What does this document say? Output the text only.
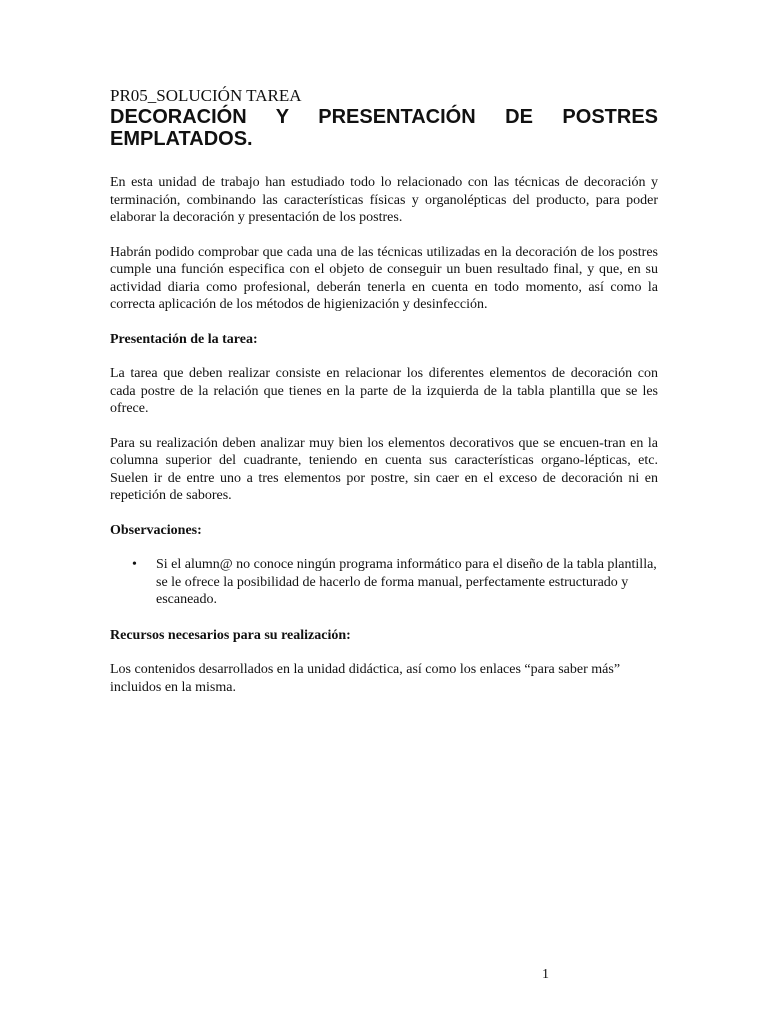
PR05_SOLUCIÓN TAREA

DECORACIÓN Y PRESENTACIÓN DE POSTRES EMPLATADOS.

En esta unidad de trabajo han estudiado todo lo relacionado con las técnicas de decoración y terminación, combinando las características físicas y organolépticas del producto, para poder elaborar la decoración y presentación de los postres.

Habrán podido comprobar que cada una de las técnicas utilizadas en la decoración de los postres cumple una función especifica con el objeto de conseguir un buen resultado final, y que, en su actividad diaria como profesional, deberán tenerla en cuenta en todo momento, así como la correcta aplicación de los métodos de higienización y desinfección.

Presentación de la tarea:

La tarea que deben realizar consiste en relacionar los diferentes elementos de decoración con cada postre de la relación que tienes en la parte de la izquierda de la tabla plantilla que se les ofrece.

Para su realización deben analizar muy bien los elementos decorativos que se encuen-tran en la columna superior del cuadrante, teniendo en cuenta sus características organo-lépticas, etc. Suelen ir de entre uno a tres elementos por postre, sin caer en el exceso de decoración ni en repetición de sabores.

Observaciones:

• Si el alumn@ no conoce ningún programa informático para el diseño de la tabla plantilla, se le ofrece la posibilidad de hacerlo de forma manual, perfectamente estructurado y escaneado.

Recursos necesarios para su realización:

Los contenidos desarrollados en la unidad didáctica, así como los enlaces “para saber más” incluidos en la misma.

1
